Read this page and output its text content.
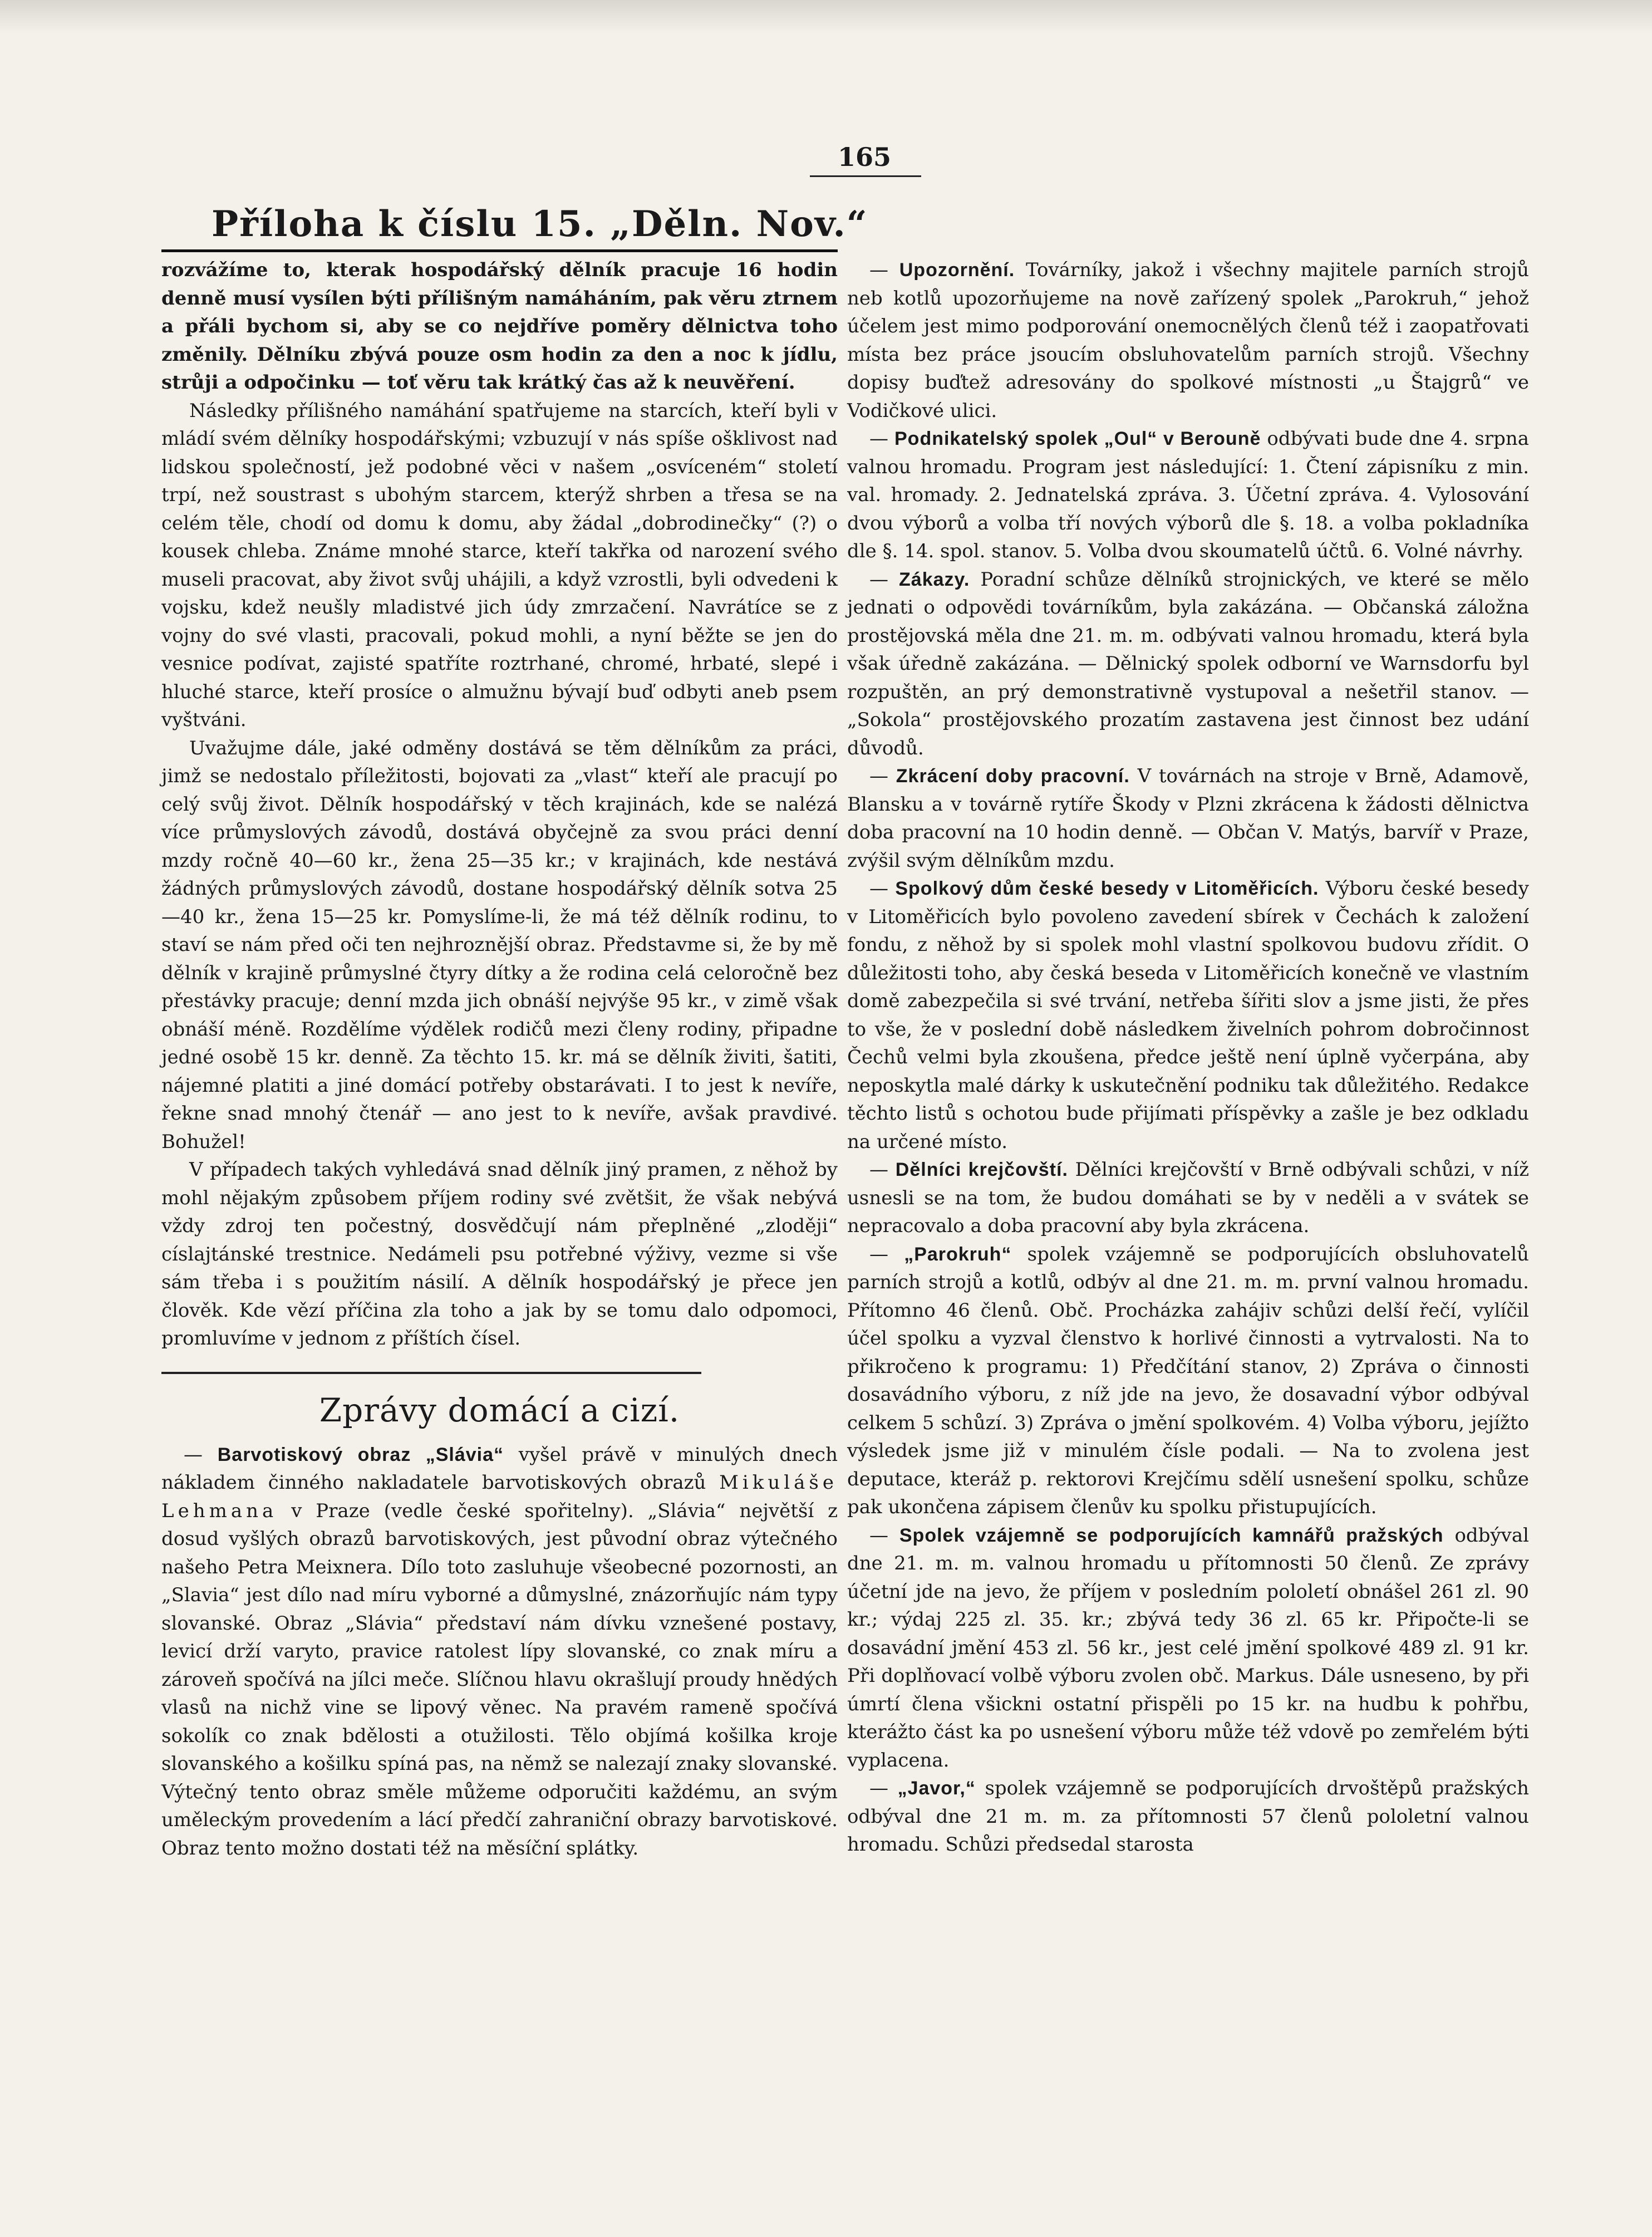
165
Příloha k číslu 15. „Děln. Nov.“

rozvážíme to, kterak hospodářský dělník pracuje 16 hodin denně musí vysílen býti přílišným namáháním, pak věru ztrnem a přáli bychom si, aby se co nejdříve poměry dělnictva toho změnily. Dělníku zbývá pouze osm hodin za den a noc k jídlu, strůji a odpočinku — toť věru tak krátký čas až k neuvěření.

Následky přílišného namáhání spatřujeme na starcích, kteří byli v mládí svém dělníky hospodářskými; vzbuzují v nás spíše ošklivost nad lidskou společností, jež podobné věci v našem „osvíceném“ století trpí, než soustrast s ubohým starcem, kterýž shrben a třesa se na celém těle, chodí od domu k domu, aby žádal „dobrodinečky“ (?) o kousek chleba. Známe mnohé starce, kteří takřka od narození svého museli pracovat, aby život svůj uhájili, a když vzrostli, byli odvedeni k vojsku, kdež neušly mladistvé jich údy zmrzačení. Navrátíce se z vojny do své vlasti, pracovali, pokud mohli, a nyní běžte se jen do vesnice podívat, zajisté spatříte roztrhané, chromé, hrbaté, slepé i hluché starce, kteří prosíce o almužnu bývají buď odbyti aneb psem vyštváni.

Uvažujme dále, jaké odměny dostává se těm dělníkům za práci, jimž se nedostalo příležitosti, bojovati za „vlast“ kteří ale pracují po celý svůj život. Dělník hospodářský v těch krajinách, kde se nalézá více průmyslových závodů, dostává obyčejně za svou práci denní mzdy ročně 40—60 kr., žena 25—35 kr.; v krajinách, kde nestává žádných průmyslových závodů, dostane hospodářský dělník sotva 25—40 kr., žena 15—25 kr. Pomyslíme-li, že má též dělník rodinu, to staví se nám před oči ten nejhroznější obraz. Představme si, že by mě dělník v krajině průmyslné čtyry dítky a že rodina celá celoročně bez přestávky pracuje; denní mzda jich obnáší nejvýše 95 kr., v zimě však obnáší méně. Rozdělíme výdělek rodičů mezi členy rodiny, připadne jedné osobě 15 kr. denně. Za těchto 15. kr. má se dělník živiti, šatiti, nájemné platiti a jiné domácí potřeby obstarávati. I to jest k nevíře, řekne snad mnohý čtenář — ano jest to k nevíře, avšak pravdivé. Bohužel!

V případech takých vyhledává snad dělník jiný pramen, z něhož by mohl nějakým způsobem příjem rodiny své zvětšit, že však nebývá vždy zdroj ten počestný, dosvědčují nám přeplněné „zloději“ císlajtánské trestnice. Nedámeli psu potřebné výživy, vezme si vše sám třeba i s použitím násilí. A dělník hospodářský je přece jen člověk. Kde vězí příčina zla toho a jak by se tomu dalo odpomoci, promluvíme v jednom z příštích čísel.

Zprávy domácí a cizí.

— Barvotiskový obraz „Slávia“ vyšel právě v minulých dnech nákladem činného nakladatele barvotiskových obrazů Mikuláše Lehmana v Praze (vedle české spořitelny). „Slávia“ největší z dosud vyšlých obrazů barvotiskových, jest původní obraz výtečného našeho Petra Meixnera. Dílo toto zasluhuje všeobecné pozornosti, an „Slavia“ jest dílo nad míru vyborné a důmyslné, znázorňujíc nám typy slovanské. Obraz „Slávia“ představí nám dívku vznešené postavy, levicí drží varyto, pravice ratolest lípy slovanské, co znak míru a zároveň spočívá na jílci meče. Slíčnou hlavu okrašlují proudy hnědých vlasů na nichž vine se lipový věnec. Na pravém rameně spočívá sokolík co znak bdělosti a otužilosti. Tělo objímá košilka kroje slovanského a košilku spíná pas, na němž se nalezají znaky slovanské. Výtečný tento obraz směle můžeme odporučiti každému, an svým uměleckým provedením a lácí předčí zahraniční obrazy barvotiskové. Obraz tento možno dostati též na měsíční splátky.

— Upozornění. Továrníky, jakož i všechny majitele parních strojů neb kotlů upozorňujeme na nově zařízený spolek „Parokruh,“ jehož účelem jest mimo podporování onemocnělých členů též i zaopatřovati místa bez práce jsoucím obsluhovatelům parních strojů. Všechny dopisy buďtež adresovány do spolkové místnosti „u Štajgrů“ ve Vodičkové ulici.

— Podnikatelský spolek „Oul“ v Berouně odbývati bude dne 4. srpna valnou hromadu. Program jest následující: 1. Čtení zápisníku z min. val. hromady. 2. Jednatelská zpráva. 3. Účetní zpráva. 4. Vylosování dvou výborů a volba tří nových výborů dle §. 18. a volba pokladníka dle §. 14. spol. stanov. 5. Volba dvou skoumatelů účtů. 6. Volné návrhy.

— Zákazy. Poradní schůze dělníků strojnických, ve které se mělo jednati o odpovědi továrníkům, byla zakázána. — Občanská záložna prostějovská měla dne 21. m. m. odbývati valnou hromadu, která byla však úředně zakázána. — Dělnický spolek odborní ve Warnsdorfu byl rozpuštěn, an prý demonstrativně vystupoval a nešetřil stanov. — „Sokola“ prostějovského prozatím zastavena jest činnost bez udání důvodů.

— Zkrácení doby pracovní. V továrnách na stroje v Brně, Adamově, Blansku a v továrně rytíře Škody v Plzni zkrácena k žádosti dělnictva doba pracovní na 10 hodin denně. — Občan V. Matýs, barvíř v Praze, zvýšil svým dělníkům mzdu.

— Spolkový dům české besedy v Litoměřicích. Výboru české besedy v Litoměřicích bylo povoleno zavedení sbírek v Čechách k založení fondu, z něhož by si spolek mohl vlastní spolkovou budovu zřídit. O důležitosti toho, aby česká beseda v Litoměřicích konečně ve vlastním domě zabezpečila si své trvání, netřeba šířiti slov a jsme jisti, že přes to vše, že v poslední době následkem živelních pohrom dobročinnost Čechů velmi byla zkoušena, předce ještě není úplně vyčerpána, aby neposkytla malé dárky k uskutečnění podniku tak důležitého. Redakce těchto listů s ochotou bude přijímati příspěvky a zašle je bez odkladu na určené místo.

— Dělníci krejčovští. Dělníci krejčovští v Brně odbývali schůzi, v níž usnesli se na tom, že budou domáhati se by v neděli a v svátek se nepracovalo a doba pracovní aby byla zkrácena.

— „Parokruh“ spolek vzájemně se podporujících obsluhovatelů parních strojů a kotlů, odbýv al dne 21. m. m. první valnou hromadu. Přítomno 46 členů. Obč. Procházka zahájiv schůzi delší řečí, vylíčil účel spolku a vyzval členstvo k horlivé činnosti a vytrvalosti. Na to přikročeno k programu: 1) Předčítání stanov, 2) Zpráva o činnosti dosavádního výboru, z níž jde na jevo, že dosavadní výbor odbýval celkem 5 schůzí. 3) Zpráva o jmění spolkovém. 4) Volba výboru, jejížto výsledek jsme již v minulém čísle podali. — Na to zvolena jest deputace, kteráž p. rektorovi Krejčímu sdělí usnešení spolku, schůze pak ukončena zápisem členův ku spolku přistupujících.

— Spolek vzájemně se podporujících kamnářů pražských odbýval dne 21. m. m. valnou hromadu u přítomnosti 50 členů. Ze zprávy účetní jde na jevo, že příjem v posledním pololetí obnášel 261 zl. 90 kr.; výdaj 225 zl. 35. kr.; zbývá tedy 36 zl. 65 kr. Připočte-li se dosavádní jmění 453 zl. 56 kr., jest celé jmění spolkové 489 zl. 91 kr. Při doplňovací volbě výboru zvolen obč. Markus. Dále usneseno, by při úmrtí člena všickni ostatní přispěli po 15 kr. na hudbu k pohřbu, kterážto část ka po usnešení výboru může též vdově po zemřelém býti vyplacena.

— „Javor,“ spolek vzájemně se podporujících drvoštěpů pražských odbýval dne 21 m. m. za přítomnosti 57 členů pololetní valnou hromadu. Schůzi předsedal starosta
